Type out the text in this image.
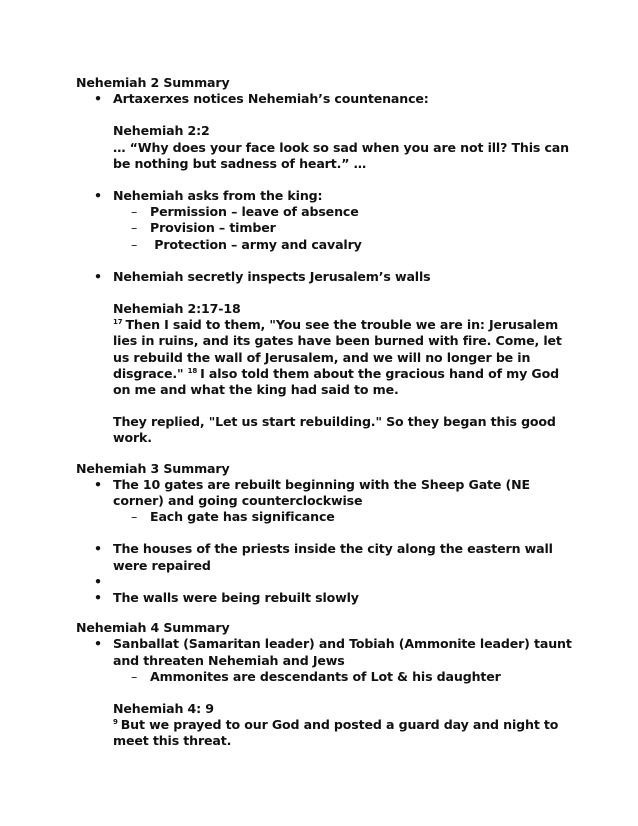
Nehemiah 2 Summary

• Artaxerxes notices Nehemiah’s countenance:

Nehemiah 2:2

… “Why does your face look so sad when you are not ill? This can be nothing but sadness of heart.” …

• Nehemiah asks from the king:
– Permission – leave of absence
– Provision – timber
– Protection – army and cavalry
• Nehemiah secretly inspects Jerusalem’s walls

Nehemiah 2:17-18

$^{17}$ Then I said to them, "You see the trouble we are in: Jerusalem lies in ruins, and its gates have been burned with fire. Come, let us rebuild the wall of Jerusalem, and we will no longer be in disgrace." $^{18}$ I also told them about the gracious hand of my God on me and what the king had said to me.

They replied, "Let us start rebuilding." So they began this good work.

Nehemiah 3 Summary

• The 10 gates are rebuilt beginning with the Sheep Gate (NE corner) and going counterclockwise
– Each gate has significance
• The houses of the priests inside the city along the eastern wall were repaired
•
• The walls were being rebuilt slowly

Nehemiah 4 Summary

• Sanballat (Samaritan leader) and Tobiah (Ammonite leader) taunt and threaten Nehemiah and Jews
– Ammonites are descendants of Lot & his daughter

Nehemiah 4: 9

$^9$ But we prayed to our God and posted a guard day and night to meet this threat.
